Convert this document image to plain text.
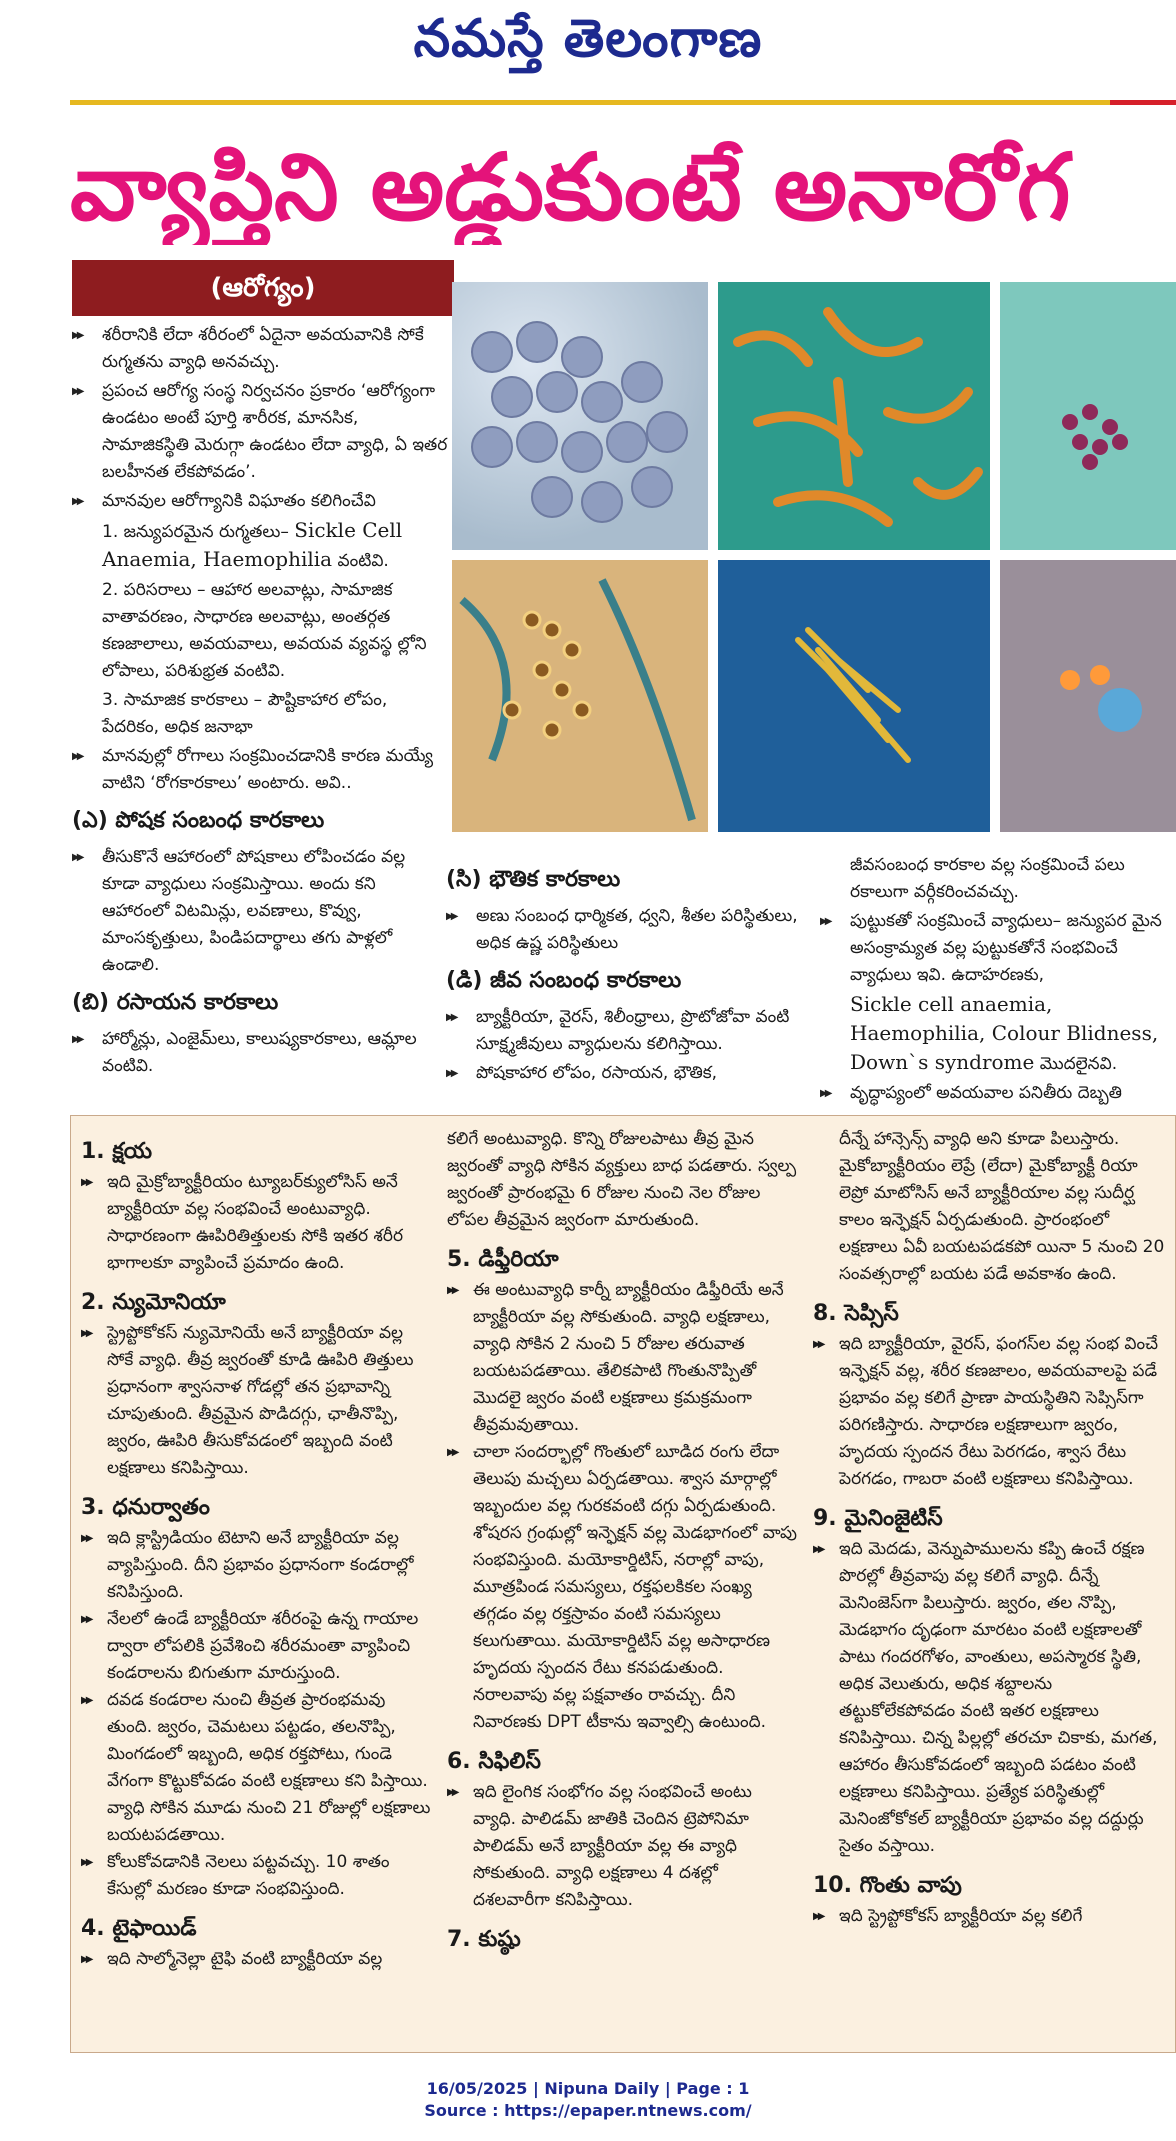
నమస్తే తెలంగాణ
వ్యాప్తిని అడ్డుకుంటే అనారోగ
(ఆరోగ్యం)
▶▶ శరీరానికి లేదా శరీరంలో ఏదైనా అవయవానికి సోకే రుగ్మతను వ్యాధి అనవచ్చు.
▶▶ ప్రపంచ ఆరోగ్య సంస్థ నిర్వచనం ప్రకారం ‘ఆరోగ్యంగా ఉండటం అంటే పూర్తి శారీరక, మానసిక, సామాజికస్థితి మెరుగ్గా ఉండటం లేదా వ్యాధి, ఏ ఇతర బలహీనత లేకపోవడం’.
▶▶ మానవుల ఆరోగ్యానికి విఘాతం కలిగించేవి

1. జన్యుపరమైన రుగ్మతలు– Sickle Cell Anaemia, Haemophilia వంటివి.

2. పరిసరాలు – ఆహార అలవాట్లు, సామాజిక వాతావరణం, సాధారణ అలవాట్లు, అంతర్గత కణజాలాలు, అవయవాలు, అవయవ వ్యవస్థ ల్లోని లోపాలు, పరిశుభ్రత వంటివి.

3. సామాజిక కారకాలు – పౌష్టికాహార లోపం, పేదరికం, అధిక జనాభా

▶▶ మానవుల్లో రోగాలు సంక్రమించడానికి కారణ మయ్యే వాటిని ‘రోగకారకాలు’ అంటారు. అవి..
(ఎ) పోషక సంబంధ కారకాలు
▶▶ తీసుకొనే ఆహారంలో పోషకాలు లోపించడం వల్ల కూడా వ్యాధులు సంక్రమిస్తాయి. అందు కని ఆహారంలో విటమిన్లు, లవణాలు, కొవ్వు, మాంసకృత్తులు, పిండిపదార్థాలు తగు పాళ్లలో ఉండాలి.
(బి) రసాయన కారకాలు
▶▶ హార్మోన్లు, ఎంజైమ్‌లు, కాలుష్యకారకాలు, ఆమ్లాల వంటివి.
(సి) భౌతిక కారకాలు
▶▶ అణు సంబంధ ధార్మికత, ధ్వని, శీతల పరిస్థితులు, అధిక ఉష్ణ పరిస్థితులు
(డి) జీవ సంబంధ కారకాలు
▶▶ బ్యాక్టీరియా, వైరస్, శిలీంధ్రాలు, ప్రొటోజోవా వంటి సూక్ష్మజీవులు వ్యాధులను కలిగిస్తాయి.
▶▶ పోషకాహార లోపం, రసాయన, భౌతిక,

జీవసంబంధ కారకాల వల్ల సంక్రమించే పలు రకాలుగా వర్గీకరించవచ్చు.

▶▶ పుట్టుకతో సంక్రమించే వ్యాధులు– జన్యుపర మైన అసంక్రామ్యత వల్ల పుట్టుకతోనే సంభవించే వ్యాధులు ఇవి. ఉదాహరణకు,

Sickle cell anaemia, Haemophilia, Colour Blidness, Down`s syndrome మొదలైనవి.

▶▶ వృద్ధాప్యంలో అవయవాల పనితీరు దెబ్బతి
1. క్షయ
▶▶ ఇది మైక్రోబ్యాక్టీరియం ట్యూబర్‌క్యులోసిస్ అనే బ్యాక్టీరియా వల్ల సంభవించే అంటువ్యాధి. సాధారణంగా ఊపిరితిత్తులకు సోకి ఇతర శరీర భాగాలకూ వ్యాపించే ప్రమాదం ఉంది.
2. న్యుమోనియా
▶▶ స్ట్రెప్టోకోకస్ న్యుమోనియే అనే బ్యాక్టీరియా వల్ల సోకే వ్యాధి. తీవ్ర జ్వరంతో కూడి ఊపిరి తిత్తులు ప్రధానంగా శ్వాసనాళ గోడల్లో తన ప్రభావాన్ని చూపుతుంది. తీవ్రమైన పొడిదగ్గు, ఛాతీనొప్పి, జ్వరం, ఊపిరి తీసుకోవడంలో ఇబ్బంది వంటి లక్షణాలు కనిపిస్తాయి.
3. ధనుర్వాతం
▶▶ ఇది క్లాస్ట్రిడియం టెటాని అనే బ్యాక్టీరియా వల్ల వ్యాపిస్తుంది. దీని ప్రభావం ప్రధానంగా కండరాల్లో కనిపిస్తుంది.
▶▶ నేలలో ఉండే బ్యాక్టీరియా శరీరంపై ఉన్న గాయాల ద్వారా లోపలికి ప్రవేశించి శరీరమంతా వ్యాపించి కండరాలను బిగుతుగా మారుస్తుంది.
▶▶ దవడ కండరాల నుంచి తీవ్రత ప్రారంభమవు తుంది. జ్వరం, చెమటలు పట్టడం, తలనొప్పి, మింగడంలో ఇబ్బంది, అధిక రక్తపోటు, గుండె వేగంగా కొట్టుకోవడం వంటి లక్షణాలు కని పిస్తాయి. వ్యాధి సోకిన మూడు నుంచి 21 రోజుల్లో లక్షణాలు బయటపడతాయి.
▶▶ కోలుకోవడానికి నెలలు పట్టవచ్చు. 10 శాతం కేసుల్లో మరణం కూడా సంభవిస్తుంది.
4. టైఫాయిడ్
▶▶ ఇది సాల్మోనెల్లా టైఫి వంటి బ్యాక్టీరియా వల్ల

కలిగే అంటువ్యాధి. కొన్ని రోజులపాటు తీవ్ర మైన జ్వరంతో వ్యాధి సోకిన వ్యక్తులు బాధ పడతారు. స్వల్ప జ్వరంతో ప్రారంభమై 6 రోజుల నుంచి నెల రోజుల లోపల తీవ్రమైన జ్వరంగా మారుతుంది.

5. డిఫ్తీరియా
▶▶ ఈ అంటువ్యాధి కార్నీ బ్యాక్టీరియం డిఫ్తీరియే అనే బ్యాక్టీరియా వల్ల సోకుతుంది. వ్యాధి లక్షణాలు, వ్యాధి సోకిన 2 నుంచి 5 రోజుల తరువాత బయటపడతాయి. తేలికపాటి గొంతునొప్పితో మొదలై జ్వరం వంటి లక్షణాలు క్రమక్రమంగా తీవ్రమవుతాయి.
▶▶ చాలా సందర్భాల్లో గొంతులో బూడిద రంగు లేదా తెలుపు మచ్చలు ఏర్పడతాయి. శ్వాస మార్గాల్లో ఇబ్బందుల వల్ల గురకవంటి దగ్గు ఏర్పడుతుంది. శోషరస గ్రంథుల్లో ఇన్ఫెక్షన్ వల్ల మెడభాగంలో వాపు సంభవిస్తుంది. మయోకార్డిటిస్, నరాల్లో వాపు, మూత్రపిండ సమస్యలు, రక్తఫలకికల సంఖ్య తగ్గడం వల్ల రక్తస్రావం వంటి సమస్యలు కలుగుతాయి. మయోకార్డిటిస్ వల్ల అసాధారణ హృదయ స్పందన రేటు కనపడుతుంది. నరాలవాపు వల్ల పక్షవాతం రావచ్చు. దీని నివారణకు DPT టీకాను ఇవ్వాల్సి ఉంటుంది.
6. సిఫిలిస్
▶▶ ఇది లైంగిక సంభోగం వల్ల సంభవించే అంటు వ్యాధి. పాలిడమ్ జాతికి చెందిన ట్రెపోనిమా పాలిడమ్ అనే బ్యాక్టీరియా వల్ల ఈ వ్యాధి సోకుతుంది. వ్యాధి లక్షణాలు 4 దశల్లో దశలవారీగా కనిపిస్తాయి.
7. కుష్ఠు

దీన్నే హాన్సెన్స్ వ్యాధి అని కూడా పిలుస్తారు. మైకోబ్యాక్టీరియం లెప్రే (లేదా) మైకోబ్యాక్టీ రియా లెప్రో మాటోసిస్ అనే బ్యాక్టీరియాల వల్ల సుదీర్ఘ కాలం ఇన్ఫెక్షన్ ఏర్పడుతుంది. ప్రారంభంలో లక్షణాలు ఏవీ బయటపడకపో యినా 5 నుంచి 20 సంవత్సరాల్లో బయట పడే అవకాశం ఉంది.

8. సెప్సిస్
▶▶ ఇది బ్యాక్టీరియా, వైరస్, ఫంగస్‌ల వల్ల సంభ వించే ఇన్ఫెక్షన్ వల్ల, శరీర కణజాలం, అవయవాలపై పడే ప్రభావం వల్ల కలిగే ప్రాణా పాయస్థితిని సెప్సిస్‌గా పరిగణిస్తారు. సాధారణ లక్షణాలుగా జ్వరం, హృదయ స్పందన రేటు పెరగడం, శ్వాస రేటు పెరగడం, గాబరా వంటి లక్షణాలు కనిపిస్తాయి.
9. మైనింజైటిస్
▶▶ ఇది మెదడు, వెన్నుపాములను కప్పి ఉంచే రక్షణ పొరల్లో తీవ్రవాపు వల్ల కలిగే వ్యాధి. దీన్నే మెనింజెస్‌గా పిలుస్తారు. జ్వరం, తల నొప్పి, మెడభాగం దృఢంగా మారటం వంటి లక్షణాలతో పాటు గందరగోళం, వాంతులు, అపస్మారక స్థితి, అధిక వెలుతురు, అధిక శబ్దాలను తట్టుకోలేకపోవడం వంటి ఇతర లక్షణాలు కనిపిస్తాయి. చిన్న పిల్లల్లో తరచూ చికాకు, మగత, ఆహారం తీసుకోవడంలో ఇబ్బంది పడటం వంటి లక్షణాలు కనిపిస్తాయి. ప్రత్యేక పరిస్థితుల్లో మెనింజోకోకల్ బ్యాక్టీరియా ప్రభావం వల్ల దద్దుర్లు సైతం వస్తాయి.
10. గొంతు వాపు
▶▶ ఇది స్ట్రెప్టోకోకస్ బ్యాక్టీరియా వల్ల కలిగే
16/05/2025 | Nipuna Daily | Page : 1
Source : https://epaper.ntnews.com/
